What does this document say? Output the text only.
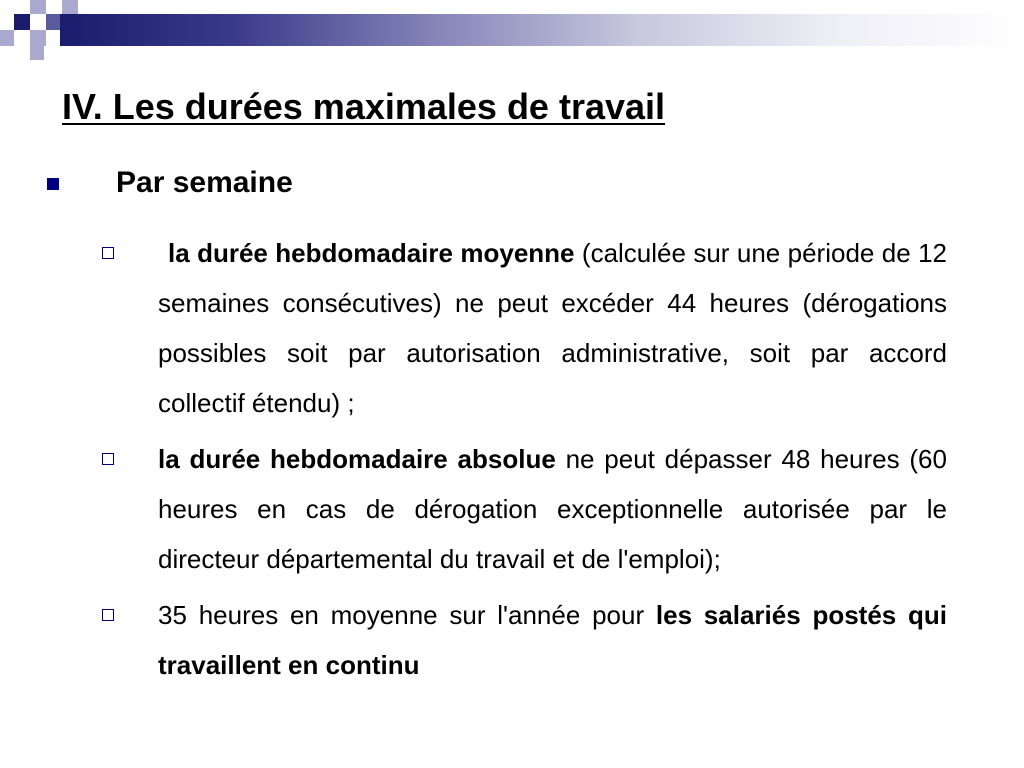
IV. Les durées maximales de travail
Par semaine
la durée hebdomadaire moyenne (calculée sur une période de 12 semaines consécutives) ne peut excéder 44 heures (dérogations possibles soit par autorisation administrative, soit par accord collectif étendu) ;
la durée hebdomadaire absolue ne peut dépasser 48 heures (60 heures en cas de dérogation exceptionnelle autorisée par le directeur départemental du travail et de l'emploi);
35 heures en moyenne sur l'année pour les salariés postés qui travaillent en continu
